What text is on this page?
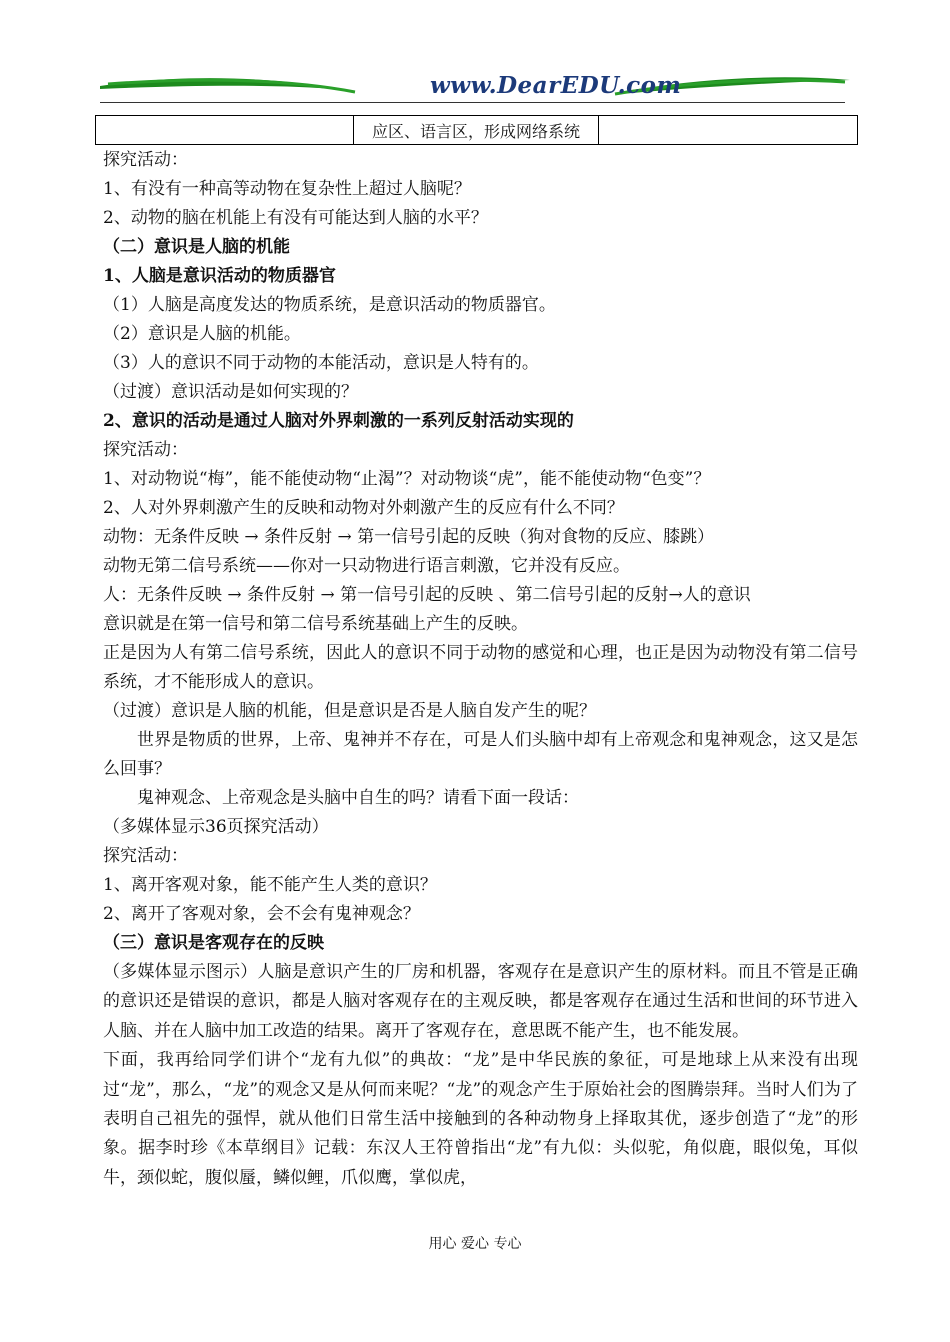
www.DearEDU.com
	应区、语言区，形成网络系统	

探究活动：

1、有没有一种高等动物在复杂性上超过人脑呢？

2、动物的脑在机能上有没有可能达到人脑的水平？

（二）意识是人脑的机能

1、人脑是意识活动的物质器官

（1）人脑是高度发达的物质系统，是意识活动的物质器官。

（2）意识是人脑的机能。

（3）人的意识不同于动物的本能活动，意识是人特有的。

（过渡）意识活动是如何实现的？

2、意识的活动是通过人脑对外界刺激的一系列反射活动实现的

探究活动：

1、对动物说“梅”，能不能使动物“止渴”？对动物谈“虎”，能不能使动物“色变”？

2、人对外界刺激产生的反映和动物对外刺激产生的反应有什么不同？

动物：无条件反映 → 条件反射 → 第一信号引起的反映（狗对食物的反应、膝跳）

动物无第二信号系统——你对一只动物进行语言刺激，它并没有反应。

人：无条件反映 → 条件反射 → 第一信号引起的反映 、第二信号引起的反射→人的意识

意识就是在第一信号和第二信号系统基础上产生的反映。

正是因为人有第二信号系统，因此人的意识不同于动物的感觉和心理，也正是因为动物没有第二信号系统，才不能形成人的意识。

（过渡）意识是人脑的机能，但是意识是否是人脑自发产生的呢？

世界是物质的世界，上帝、鬼神并不存在，可是人们头脑中却有上帝观念和鬼神观念，这又是怎么回事？

鬼神观念、上帝观念是头脑中自生的吗？请看下面一段话：

（多媒体显示36页探究活动）

探究活动：

1、离开客观对象，能不能产生人类的意识？

2、离开了客观对象，会不会有鬼神观念？

（三）意识是客观存在的反映

（多媒体显示图示）人脑是意识产生的厂房和机器，客观存在是意识产生的原材料。而且不管是正确的意识还是错误的意识，都是人脑对客观存在的主观反映，都是客观存在通过生活和世间的环节进入人脑、并在人脑中加工改造的结果。离开了客观存在，意思既不能产生，也不能发展。

下面，我再给同学们讲个“龙有九似”的典故：“龙”是中华民族的象征，可是地球上从来没有出现过“龙”，那么，“龙”的观念又是从何而来呢？“龙”的观念产生于原始社会的图腾崇拜。当时人们为了表明自己祖先的强悍，就从他们日常生活中接触到的各种动物身上择取其优，逐步创造了“龙”的形象。据李时珍《本草纲目》记载：东汉人王符曾指出“龙”有九似：头似驼，角似鹿，眼似兔，耳似牛，颈似蛇，腹似蜃，鳞似鲤，爪似鹰，掌似虎，

用心 爱心 专心
